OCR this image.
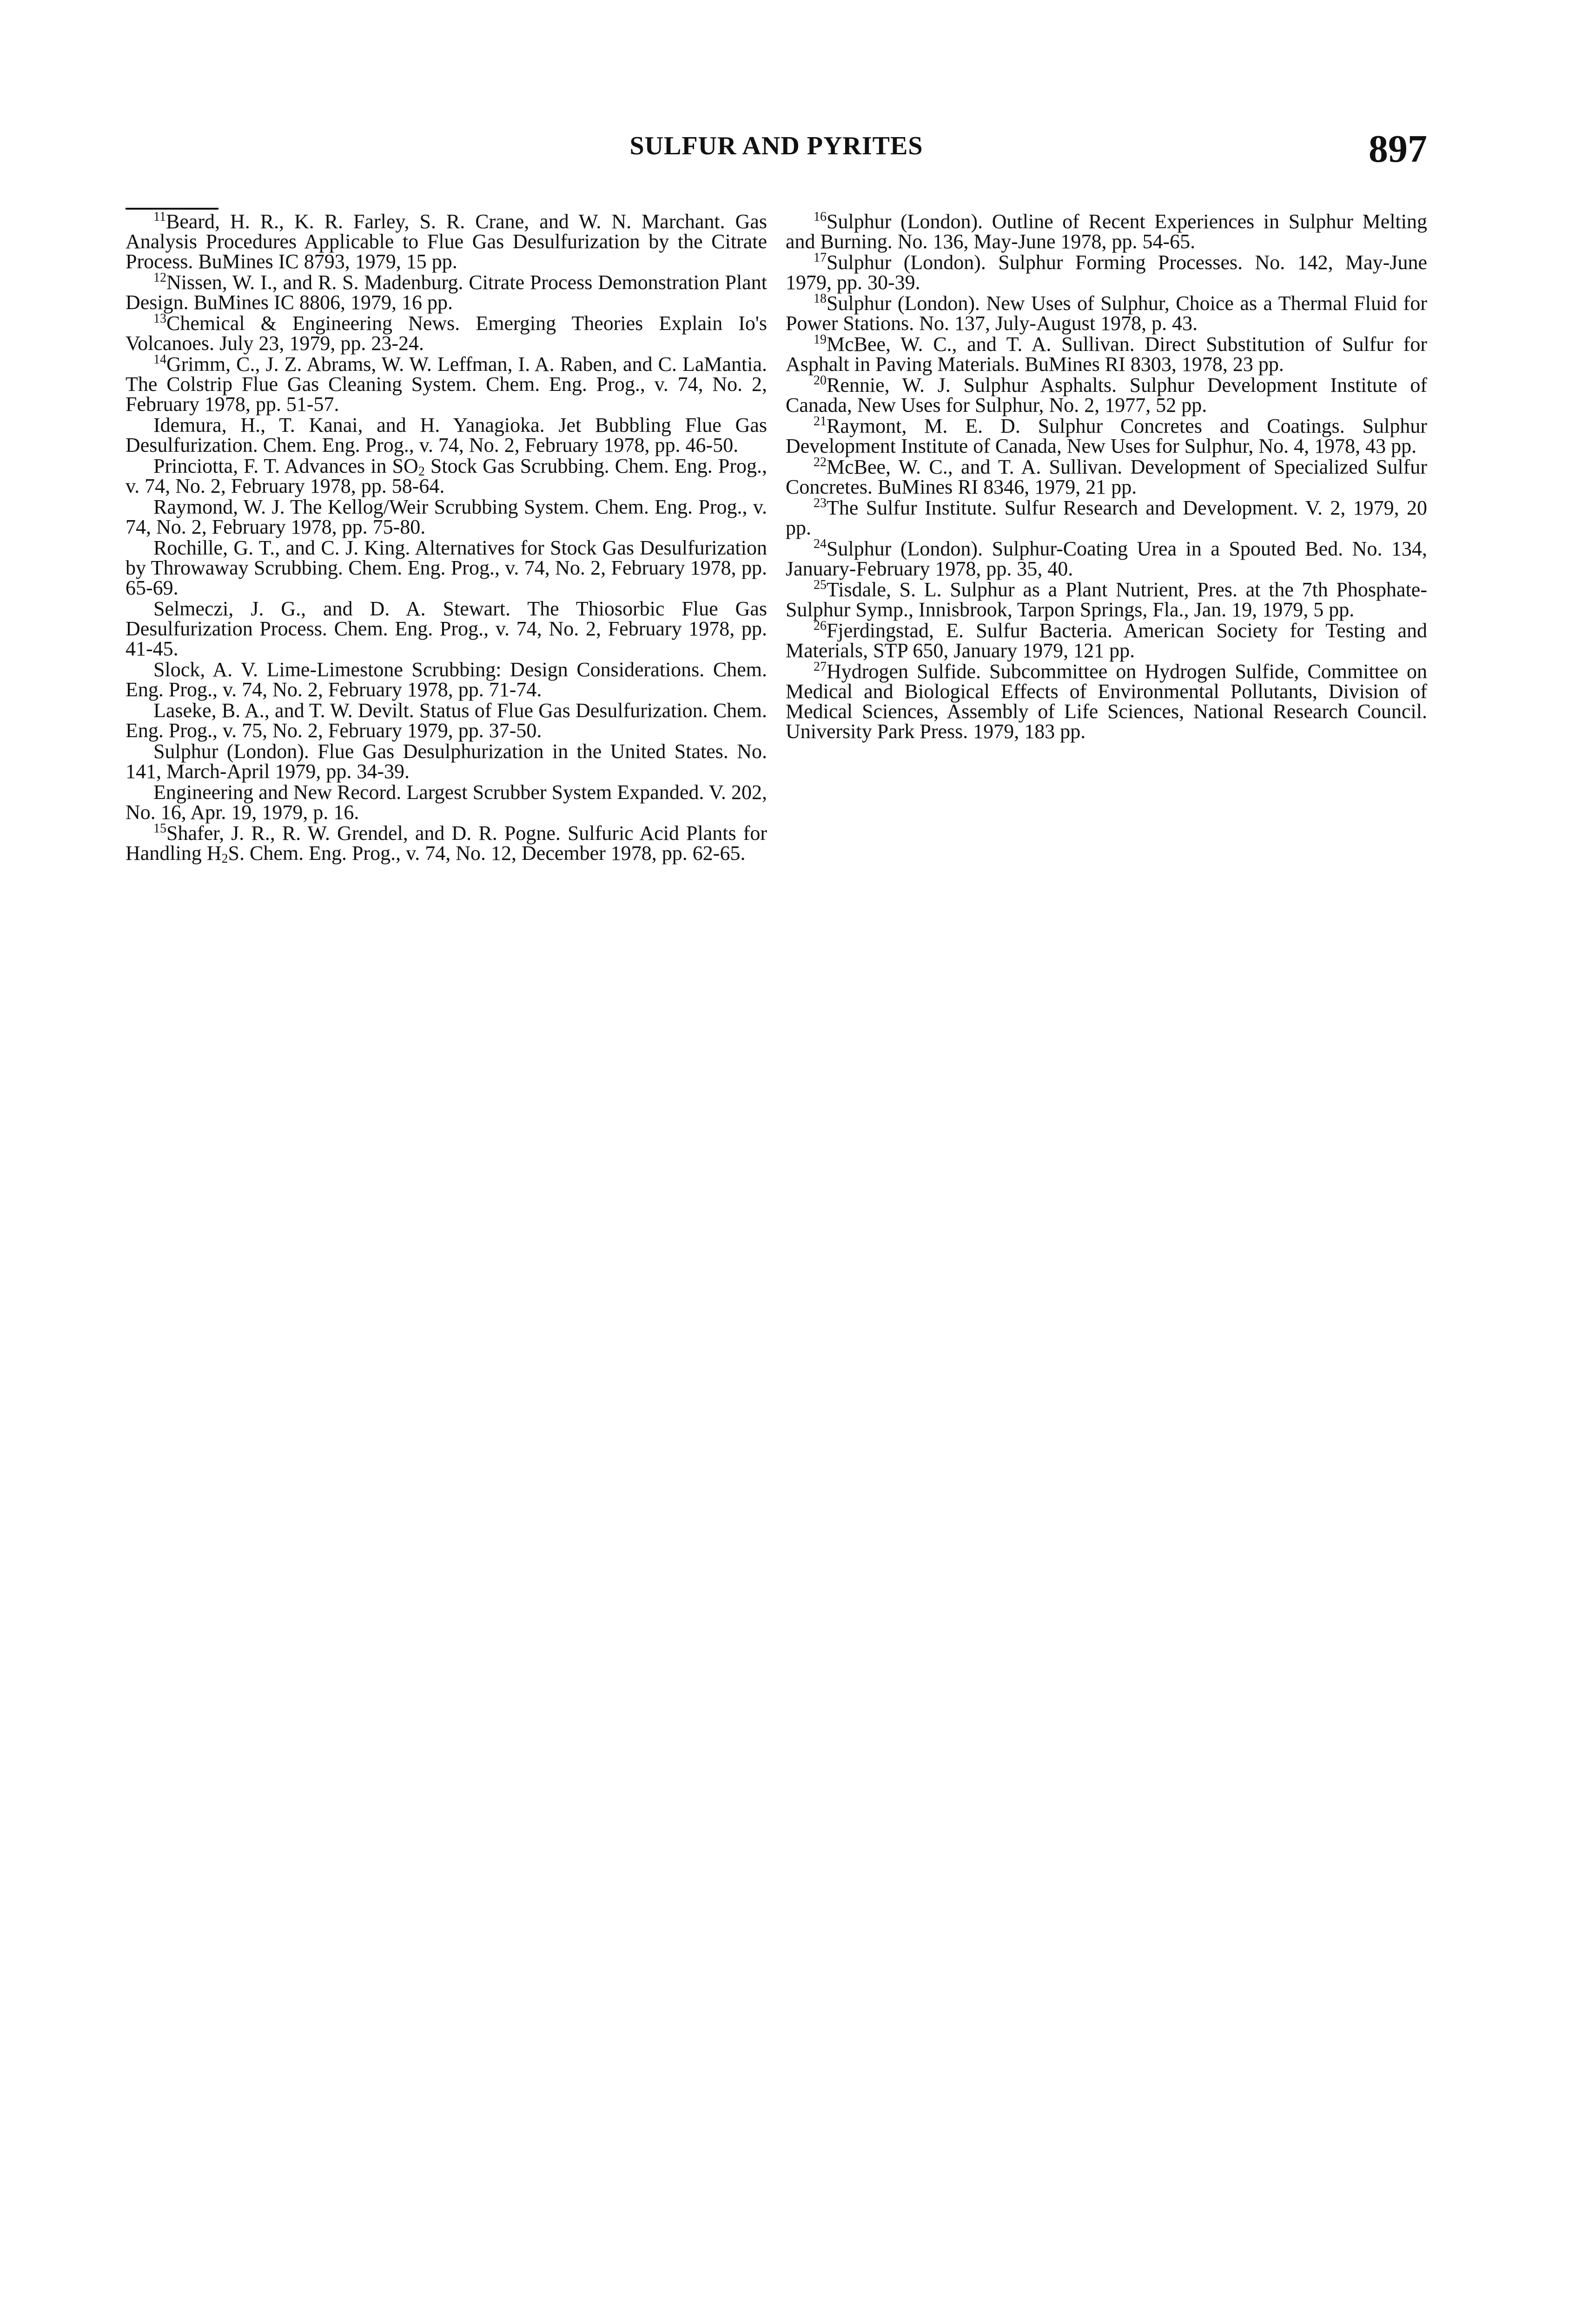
SULFUR AND PYRITES	897

$^{11}$Beard, H. R., K. R. Farley, S. R. Crane, and W. N. Marchant. Gas Analysis Procedures Applicable to Flue Gas Desulfurization by the Citrate Process. BuMines IC 8793, 1979, 15 pp.

$^{12}$Nissen, W. I., and R. S. Madenburg. Citrate Process Demonstration Plant Design. BuMines IC 8806, 1979, 16 pp.

$^{13}$Chemical & Engineering News. Emerging Theories Explain Io's Volcanoes. July 23, 1979, pp. 23-24.

$^{14}$Grimm, C., J. Z. Abrams, W. W. Leffman, I. A. Raben, and C. LaMantia. The Colstrip Flue Gas Cleaning System. Chem. Eng. Prog., v. 74, No. 2, February 1978, pp. 51-57.

Idemura, H., T. Kanai, and H. Yanagioka. Jet Bubbling Flue Gas Desulfurization. Chem. Eng. Prog., v. 74, No. 2, February 1978, pp. 46-50.

Princiotta, F. T. Advances in $SO_2$ Stock Gas Scrubbing. Chem. Eng. Prog., v. 74, No. 2, February 1978, pp. 58-64.

Raymond, W. J. The Kellog/Weir Scrubbing System. Chem. Eng. Prog., v. 74, No. 2, February 1978, pp. 75-80.

Rochille, G. T., and C. J. King. Alternatives for Stock Gas Desulfurization by Throwaway Scrubbing. Chem. Eng. Prog., v. 74, No. 2, February 1978, pp. 65-69.

Selmeczi, J. G., and D. A. Stewart. The Thiosorbic Flue Gas Desulfurization Process. Chem. Eng. Prog., v. 74, No. 2, February 1978, pp. 41-45.

Slock, A. V. Lime-Limestone Scrubbing: Design Considerations. Chem. Eng. Prog., v. 74, No. 2, February 1978, pp. 71-74.

Laseke, B. A., and T. W. Devilt. Status of Flue Gas Desulfurization. Chem. Eng. Prog., v. 75, No. 2, February 1979, pp. 37-50.

Sulphur (London). Flue Gas Desulphurization in the United States. No. 141, March-April 1979, pp. 34-39.

Engineering and New Record. Largest Scrubber System Expanded. V. 202, No. 16, Apr. 19, 1979, p. 16.

$^{15}$Shafer, J. R., R. W. Grendel, and D. R. Pogne. Sulfuric Acid Plants for Handling $H_2S$. Chem. Eng. Prog., v. 74, No. 12, December 1978, pp. 62-65.

$^{16}$Sulphur (London). Outline of Recent Experiences in Sulphur Melting and Burning. No. 136, May-June 1978, pp. 54-65.

$^{17}$Sulphur (London). Sulphur Forming Processes. No. 142, May-June 1979, pp. 30-39.

$^{18}$Sulphur (London). New Uses of Sulphur, Choice as a Thermal Fluid for Power Stations. No. 137, July-August 1978, p. 43.

$^{19}$McBee, W. C., and T. A. Sullivan. Direct Substitution of Sulfur for Asphalt in Paving Materials. BuMines RI 8303, 1978, 23 pp.

$^{20}$Rennie, W. J. Sulphur Asphalts. Sulphur Development Institute of Canada, New Uses for Sulphur, No. 2, 1977, 52 pp.

$^{21}$Raymont, M. E. D. Sulphur Concretes and Coatings. Sulphur Development Institute of Canada, New Uses for Sulphur, No. 4, 1978, 43 pp.

$^{22}$McBee, W. C., and T. A. Sullivan. Development of Specialized Sulfur Concretes. BuMines RI 8346, 1979, 21 pp.

$^{23}$The Sulfur Institute. Sulfur Research and Development. V. 2, 1979, 20 pp.

$^{24}$Sulphur (London). Sulphur-Coating Urea in a Spouted Bed. No. 134, January-February 1978, pp. 35, 40.

$^{25}$Tisdale, S. L. Sulphur as a Plant Nutrient, Pres. at the 7th Phosphate-Sulphur Symp., Innisbrook, Tarpon Springs, Fla., Jan. 19, 1979, 5 pp.

$^{26}$Fjerdingstad, E. Sulfur Bacteria. American Society for Testing and Materials, STP 650, January 1979, 121 pp.

$^{27}$Hydrogen Sulfide. Subcommittee on Hydrogen Sulfide, Committee on Medical and Biological Effects of Environmental Pollutants, Division of Medical Sciences, Assembly of Life Sciences, National Research Council. University Park Press. 1979, 183 pp.
